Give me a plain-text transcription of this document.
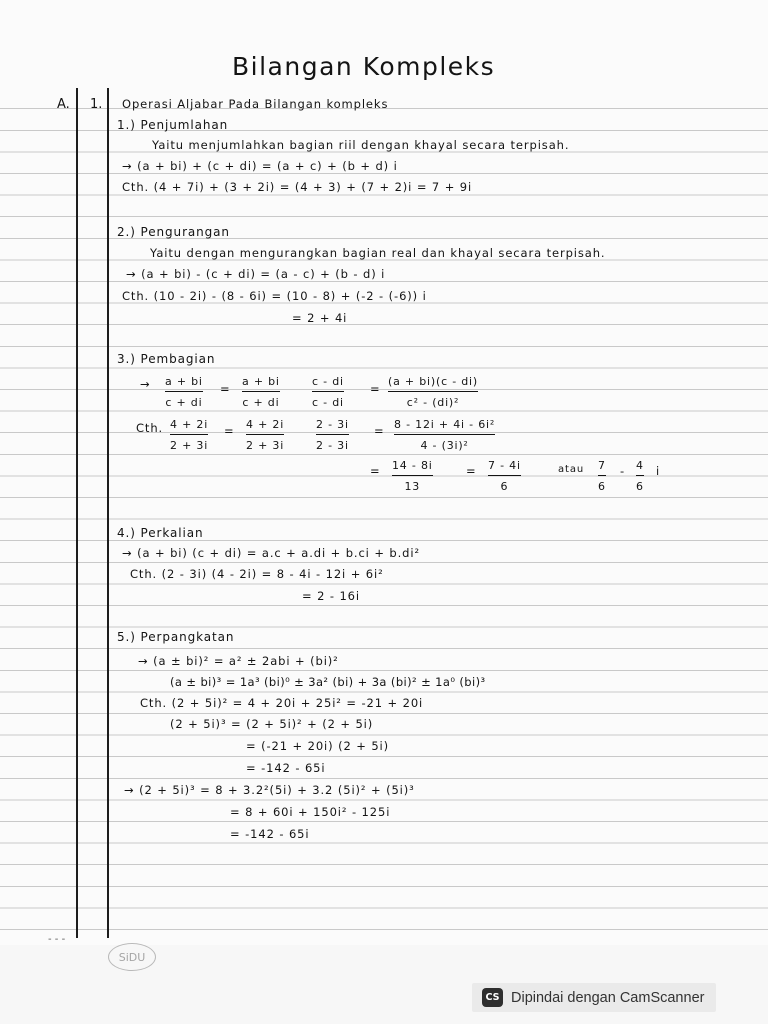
Bilangan Kompleks
A. 1. Operasi Aljabar Pada Bilangan kompleks
1.) Penjumlahan
Yaitu menjumlahkan bagian riil dengan khayal secara terpisah.
→ (a + bi) + (c + di) = (a + c) + (b + d) i
Cth. (4 + 7i) + (3 + 2i) = (4 + 3) + (7 + 2)i = 7 + 9i
2.) Pengurangan
Yaitu dengan mengurangkan bagian real dan khayal secara terpisah.
→ (a + bi) - (c + di) = (a - c) + (b - d) i
Cth. (10 - 2i) - (8 - 6i) = (10 - 8) + (-2 - (-6)) i
= 2 + 4i
3.) Pembagian
→ a + bi
c + di
=
a + bi
c + di
c - di
c - di
=
(a + bi)(c - di)
c² - (di)²
Cth. 4 + 2i
2 + 3i
= 4 + 2i
2 + 3i
2 - 3i
2 - 3i
= 8 - 12i + 4i - 6i²
4 - (3i)²
= 14 - 8i
13
= 7 - 4i
6
atau 7
6
- 4
6
i
4.) Perkalian
→ (a + bi) (c + di) = a.c + a.di + b.ci + b.di²
Cth. (2 - 3i) (4 - 2i) = 8 - 4i - 12i + 6i²
= 2 - 16i
5.) Perpangkatan
→ (a ± bi)² = a² ± 2abi + (bi)²
(a ± bi)³ = 1a³ (bi)⁰ ± 3a² (bi) + 3a (bi)² ± 1a⁰ (bi)³
Cth. (2 + 5i)² = 4 + 20i + 25i² = -21 + 20i
(2 + 5i)³ = (2 + 5i)² + (2 + 5i)
= (-21 + 20i) (2 + 5i)
= -142 - 65i
→ (2 + 5i)³ = 8 + 3.2²(5i) + 3.2 (5i)² + (5i)³
= 8 + 60i + 150i² - 125i
= -142 - 65i
- - -
SiDU
CS Dipindai dengan CamScanner
